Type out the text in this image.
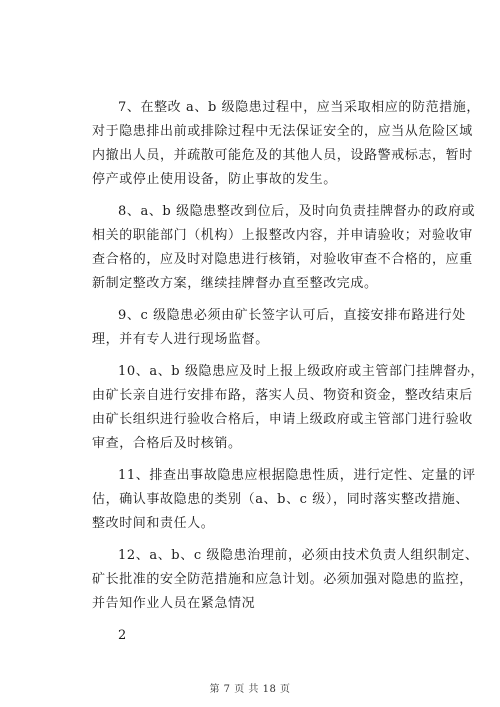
7、在整改 a、b 级隐患过程中，应当采取相应的防范措施，
对于隐患排出前或排除过程中无法保证安全的，应当从危险区域
内撤出人员，并疏散可能危及的其他人员，设路警戒标志，暂时
停产或停止使用设备，防止事故的发生。

8、a、b 级隐患整改到位后，及时向负责挂牌督办的政府或
相关的职能部门（机构）上报整改内容，并申请验收；对验收审
查合格的，应及时对隐患进行核销，对验收审查不合格的，应重
新制定整改方案，继续挂牌督办直至整改完成。

9、c 级隐患必须由矿长签字认可后，直接安排布路进行处
理，并有专人进行现场监督。

10、a、b 级隐患应及时上报上级政府或主管部门挂牌督办，
由矿长亲自进行安排布路，落实人员、物资和资金，整改结束后
由矿长组织进行验收合格后，申请上级政府或主管部门进行验收
审查，合格后及时核销。

11、排查出事故隐患应根据隐患性质，进行定性、定量的评
估，确认事故隐患的类别（a、b、c 级），同时落实整改措施、
整改时间和责任人。

12、a、b、c 级隐患治理前，必须由技术负责人组织制定、
矿长批准的安全防范措施和应急计划。必须加强对隐患的监控，
并告知作业人员在紧急情况

2

第 7 页 共 18 页
